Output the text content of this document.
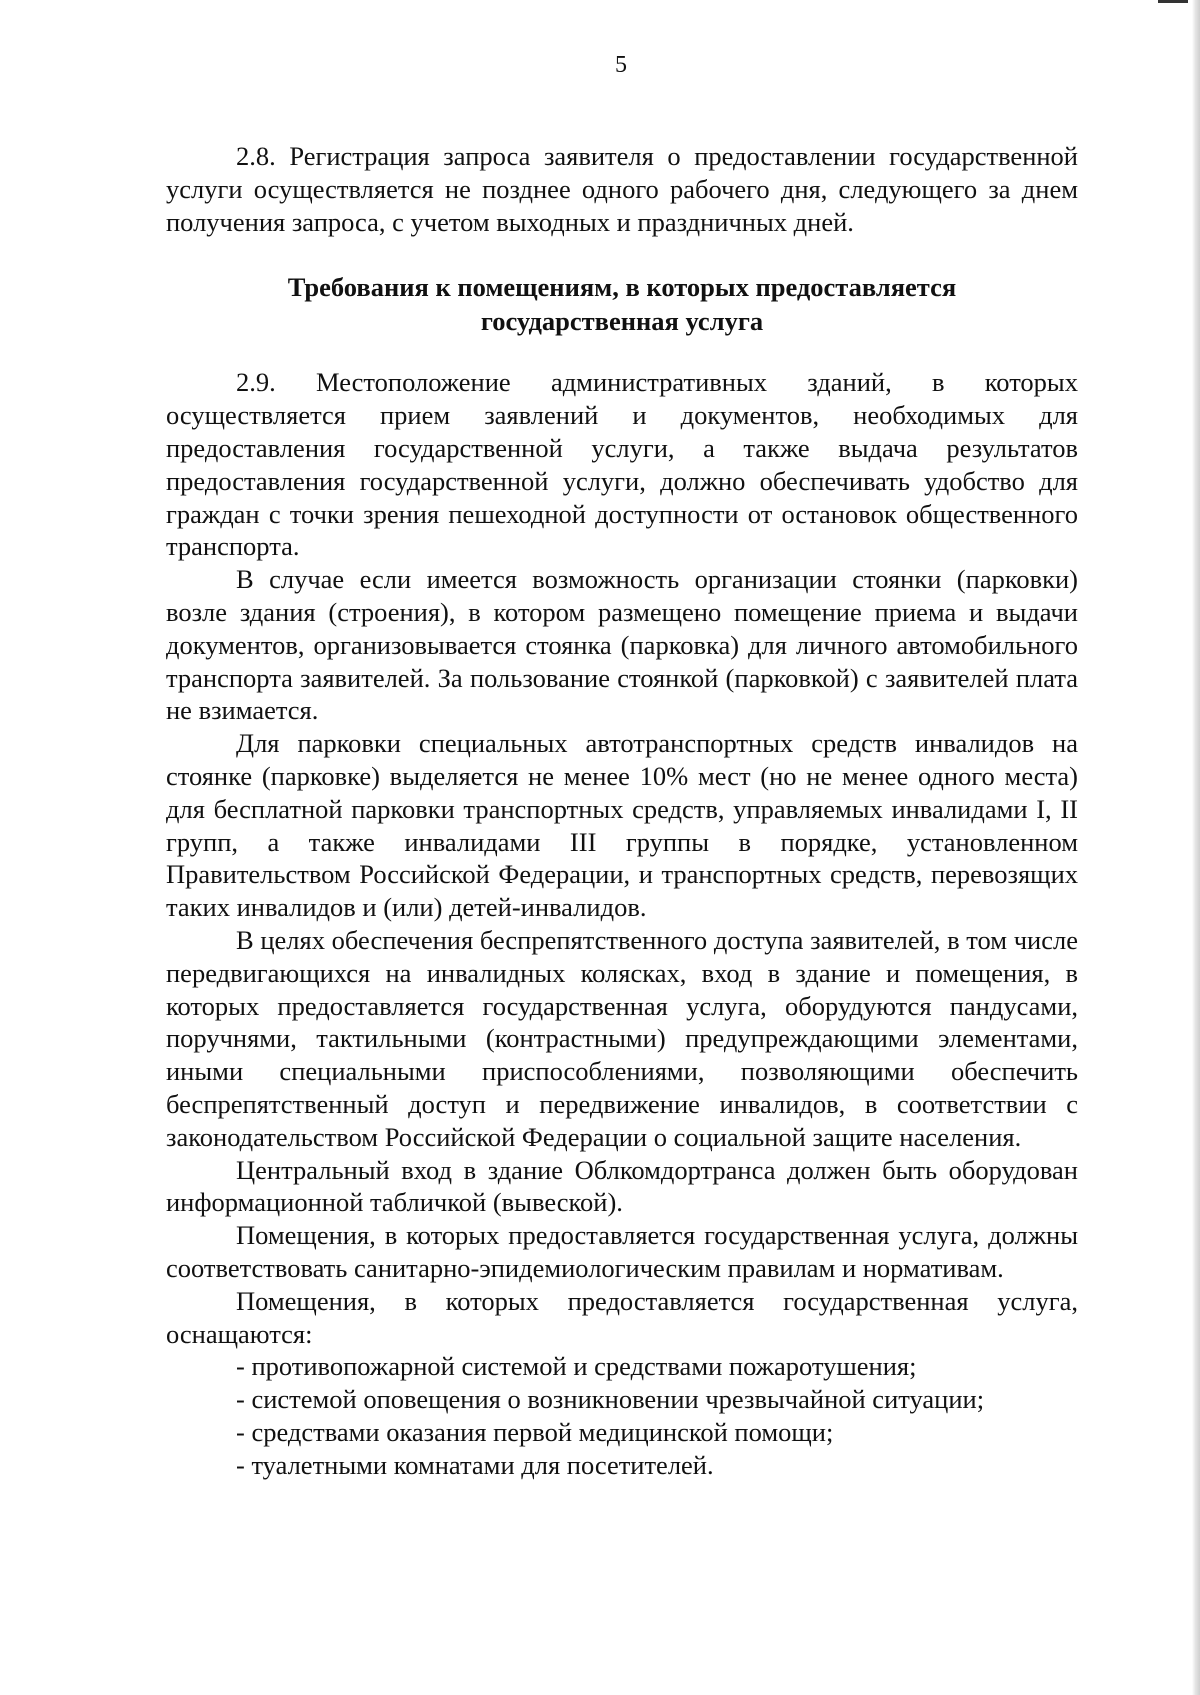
5

2.8. Регистрация запроса заявителя о предоставлении государственной услуги осуществляется не позднее одного рабочего дня, следующего за днем получения запроса, с учетом выходных и праздничных дней.

Требования к помещениям, в которых предоставляется
государственная услуга

2.9. Местоположение административных зданий, в которых осуществляется прием заявлений и документов, необходимых для предоставления государственной услуги, а также выдача результатов предоставления государственной услуги, должно обеспечивать удобство для граждан с точки зрения пешеходной доступности от остановок общественного транспорта.

В случае если имеется возможность организации стоянки (парковки) возле здания (строения), в котором размещено помещение приема и выдачи документов, организовывается стоянка (парковка) для личного автомобильного транспорта заявителей. За пользование стоянкой (парковкой) с заявителей плата не взимается.

Для парковки специальных автотранспортных средств инвалидов на стоянке (парковке) выделяется не менее 10% мест (но не менее одного места) для бесплатной парковки транспортных средств, управляемых инвалидами I, II групп, а также инвалидами III группы в порядке, установленном Правительством Российской Федерации, и транспортных средств, перевозящих таких инвалидов и (или) детей-инвалидов.

В целях обеспечения беспрепятственного доступа заявителей, в том числе передвигающихся на инвалидных колясках, вход в здание и помещения, в которых предоставляется государственная услуга, оборудуются пандусами, поручнями, тактильными (контрастными) предупреждающими элементами, иными специальными приспособлениями, позволяющими обеспечить беспрепятственный доступ и передвижение инвалидов, в соответствии с законодательством Российской Федерации о социальной защите населения.

Центральный вход в здание Облкомдортранса должен быть оборудован информационной табличкой (вывеской).

Помещения, в которых предоставляется государственная услуга, должны соответствовать санитарно-эпидемиологическим правилам и нормативам.

Помещения, в которых предоставляется государственная услуга, оснащаются:

- противопожарной системой и средствами пожаротушения;
- системой оповещения о возникновении чрезвычайной ситуации;
- средствами оказания первой медицинской помощи;
- туалетными комнатами для посетителей.
